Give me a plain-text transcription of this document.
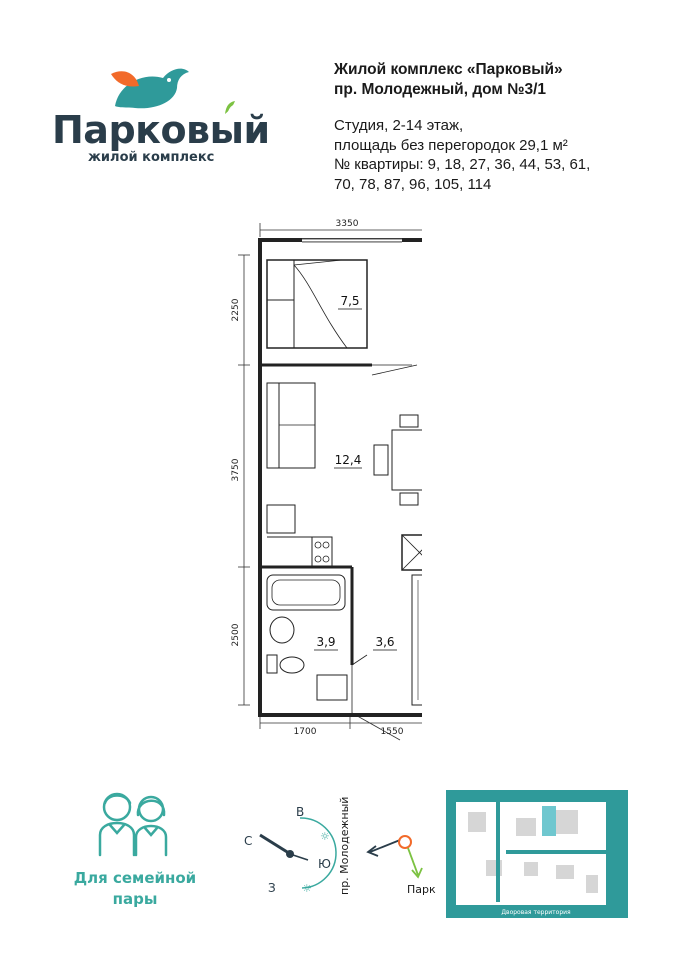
Парковый
жилой комплекс
Жилой комплекс «Парковый»
пр. Молодежный, дом №3/1
Студия, 2-14 этаж,
площадь без перегородок 29,1 м²
№ квартиры: 9, 18, 27, 36, 44, 53, 61,
70, 78, 87, 96, 105, 114
3350
2250
3750
2500
1700	1550
7,5
12,4
3,9	3,6
Для семейной
пары
С
В
Ю
З
☼
☼ пр. Молодежный	Парк
Дворовая территория
